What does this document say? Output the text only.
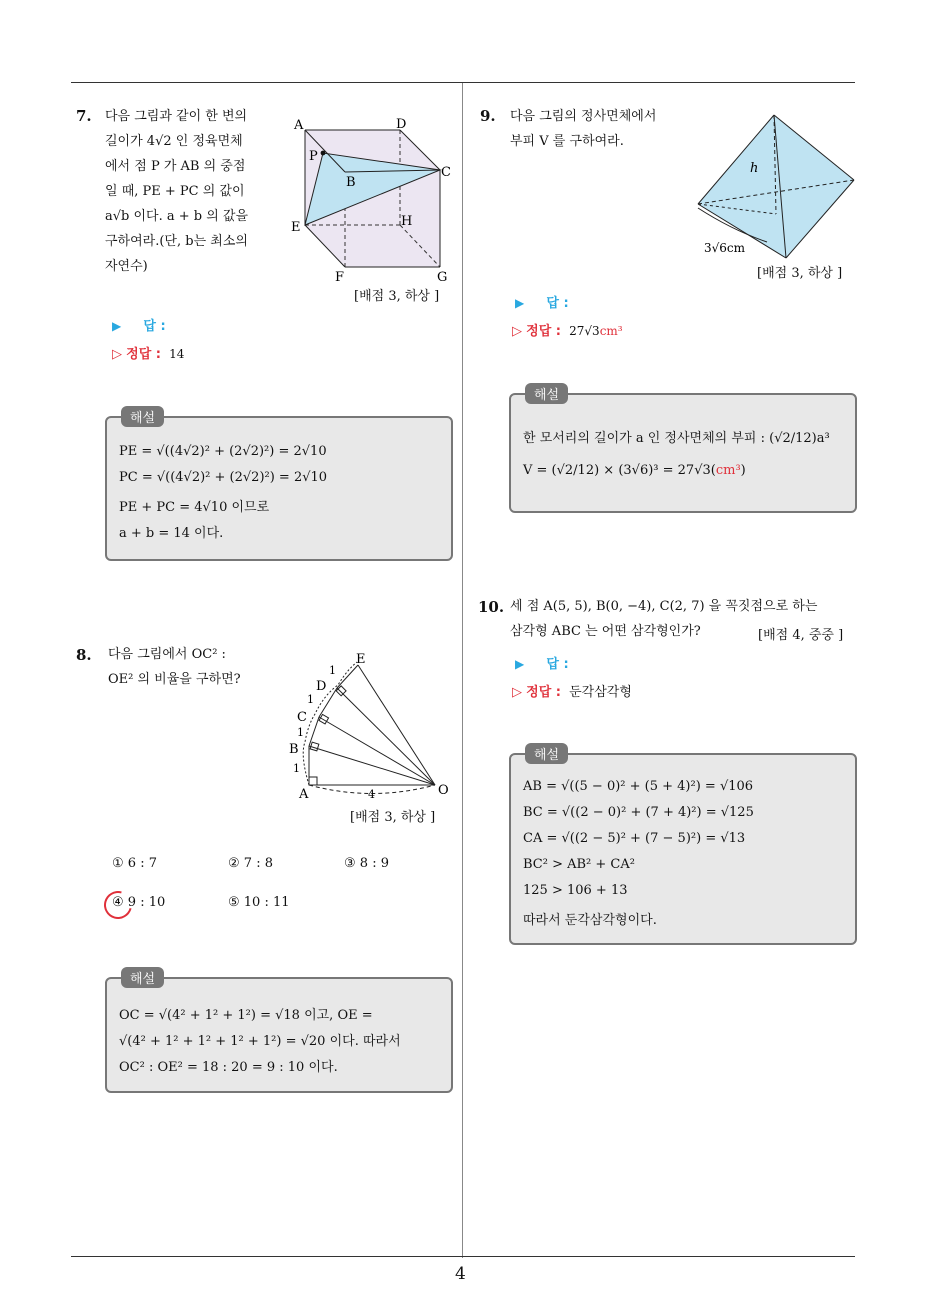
4
7. 다음 그림과 같이 한 변의
길이가 4√2 인 정육면체
에서 점 P 가 AB 의 중점
일 때, PE + PC 의 값이
a√b 이다. a + b 의 값을
구하여라.(단, b는 최소의
자연수)
A	D
P
B
C
E	H
F	G
[배점 3, 하상 ]
▶ 답 :
▷ 정답 : 14
해설
PE = √((4√2)² + (2√2)²) = 2√10
PC = √((4√2)² + (2√2)²) = 2√10
PE + PC = 4√10 이므로
a + b = 14 이다.
8. 다음 그림에서 OC² :
OE² 의 비율을 구하면?
E
D
C
B
A	O
1
1
1
1
4
[배점 3, 하상 ]
① 6 : 7	② 7 : 8	③ 8 : 9
④ 9 : 10	⑤ 10 : 11
해설
OC = √(4² + 1² + 1²) = √18 이고, OE =
√(4² + 1² + 1² + 1² + 1²) = √20 이다. 따라서
OC² : OE² = 18 : 20 = 9 : 10 이다.
9. 다음 그림의 정사면체에서
부피 V 를 구하여라.
h
3√6cm
[배점 3, 하상 ]
▶ 답 :
▷ 정답 : 27√3cm³
해설
한 모서리의 길이가 a 인 정사면체의 부피 : (√2/12)a³
V = (√2/12) × (3√6)³ = 27√3(cm³)
10. 세 점 A(5, 5), B(0, −4), C(2, 7) 을 꼭짓점으로 하는
삼각형 ABC 는 어떤 삼각형인가?	[배점 4, 중중 ]
▶ 답 :
▷ 정답 : 둔각삼각형
해설
AB = √((5 − 0)² + (5 + 4)²) = √106
BC = √((2 − 0)² + (7 + 4)²) = √125
CA = √((2 − 5)² + (7 − 5)²) = √13
BC² > AB² + CA²
125 > 106 + 13
따라서 둔각삼각형이다.
